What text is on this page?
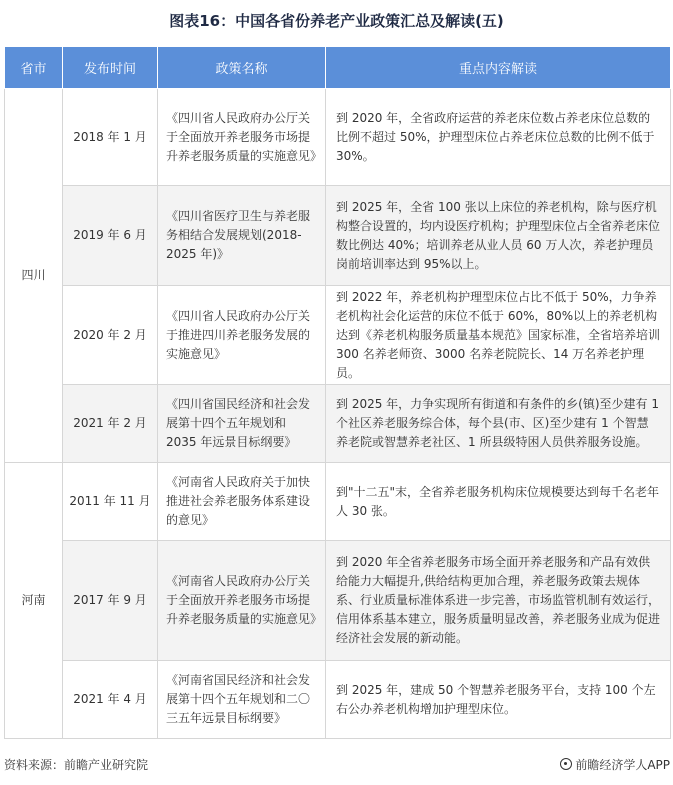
图表16：中国各省份养老产业政策汇总及解读(五)
省市	发布时间	政策名称	重点内容解读
四川	2018 年 1 月	《四川省人民政府办公厅关于全面放开养老服务市场提升养老服务质量的实施意见》	到 2020 年，全省政府运营的养老床位数占养老床位总数的比例不超过 50%，护理型床位占养老床位总数的比例不低于 30%。
	2019 年 6 月	《四川省医疗卫生与养老服务相结合发展规划(2018-2025 年)》	到 2025 年，全省 100 张以上床位的养老机构，除与医疗机构整合设置的，均内设医疗机构；护理型床位占全省养老床位数比例达 40%；培训养老从业人员 60 万人次，养老护理员岗前培训率达到 95%以上。
	2020 年 2 月	《四川省人民政府办公厅关于推进四川养老服务发展的实施意见》	到 2022 年，养老机构护理型床位占比不低于 50%，力争养老机构社会化运营的床位不低于 60%，80%以上的养老机构达到《养老机构服务质量基本规范》国家标准，全省培养培训 300 名养老师资、3000 名养老院院长、14 万名养老护理员。
	2021 年 2 月	《四川省国民经济和社会发展第十四个五年规划和 2035 年远景目标纲要》	到 2025 年，力争实现所有街道和有条件的乡(镇)至少建有 1 个社区养老服务综合体，每个县(市、区)至少建有 1 个智慧养老院或智慧养老社区、1 所县级特困人员供养服务设施。
河南	2011 年 11 月	《河南省人民政府关于加快推进社会养老服务体系建设的意见》	到"十二五"末，全省养老服务机构床位规模要达到每千名老年人 30 张。
	2017 年 9 月	《河南省人民政府办公厅关于全面放开养老服务市场提升养老服务质量的实施意见》	到 2020 年全省养老服务市场全面开养老服务和产品有效供给能力大幅提升,供给结构更加合理，养老服务政策去规体系、行业质量标准体系进一步完善，市场监管机制有效运行，信用体系基本建立，服务质量明显改善，养老服务业成为促进经济社会发展的新动能。
	2021 年 4 月	《河南省国民经济和社会发展第十四个五年规划和二〇三五年远景目标纲要》	到 2025 年，建成 50 个智慧养老服务平台，支持 100 个左右公办养老机构增加护理型床位。
资料来源：前瞻产业研究院	前瞻经济学人APP
